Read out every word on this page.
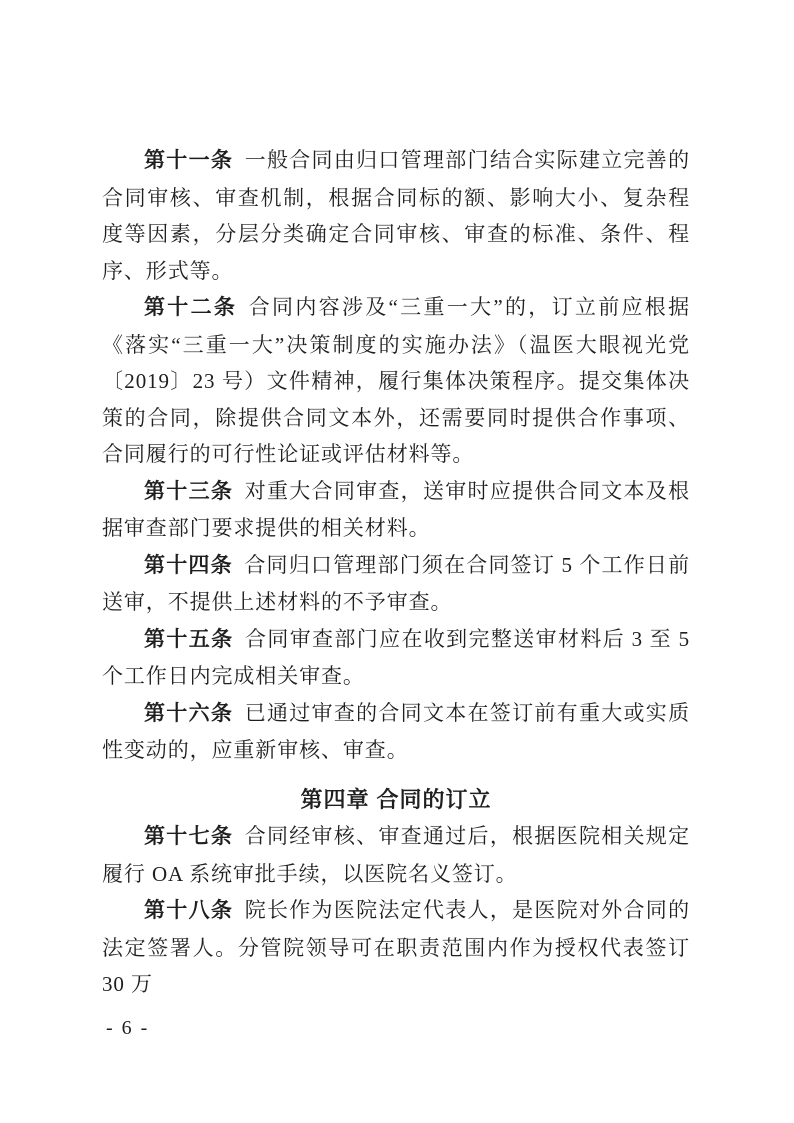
第十一条 一般合同由归口管理部门结合实际建立完善的合同审核、审查机制，根据合同标的额、影响大小、复杂程度等因素，分层分类确定合同审核、审查的标准、条件、程序、形式等。

第十二条 合同内容涉及“三重一大”的，订立前应根据《落实“三重一大”决策制度的实施办法》（温医大眼视光党〔2019〕23 号）文件精神，履行集体决策程序。提交集体决策的合同，除提供合同文本外，还需要同时提供合作事项、合同履行的可行性论证或评估材料等。

第十三条 对重大合同审查，送审时应提供合同文本及根据审查部门要求提供的相关材料。

第十四条 合同归口管理部门须在合同签订 5 个工作日前送审，不提供上述材料的不予审查。

第十五条 合同审查部门应在收到完整送审材料后 3 至 5 个工作日内完成相关审查。

第十六条 已通过审查的合同文本在签订前有重大或实质性变动的，应重新审核、审查。

第四章 合同的订立

第十七条 合同经审核、审查通过后，根据医院相关规定履行 OA 系统审批手续，以医院名义签订。

第十八条 院长作为医院法定代表人，是医院对外合同的法定签署人。分管院领导可在职责范围内作为授权代表签订 30 万

- 6 -
